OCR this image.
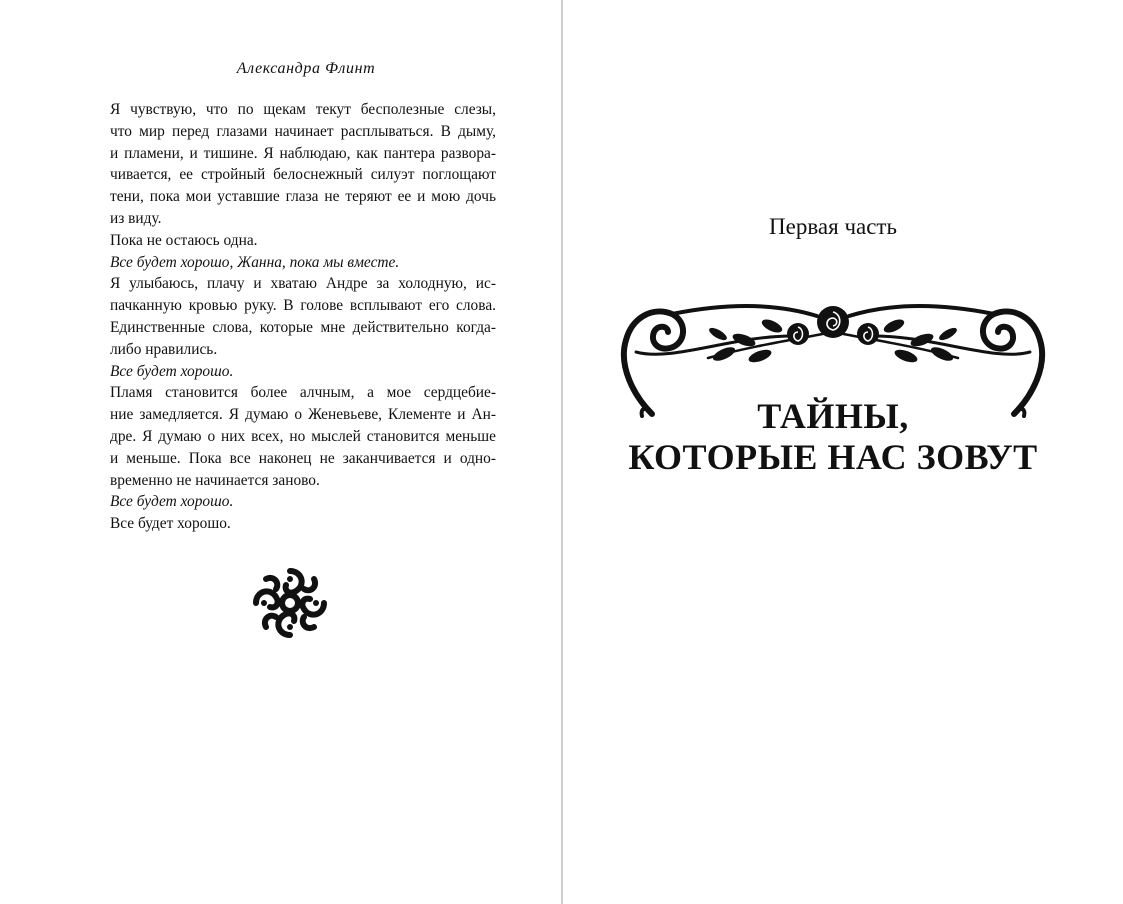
Александра Флинт
Я чувствую, что по щекам текут бесполезные слезы,
что мир перед глазами начинает расплываться. В дыму,
и пламени, и тишине. Я наблюдаю, как пантера развора-
чивается, ее стройный белоснежный силуэт поглощают
тени, пока мои уставшие глаза не теряют ее и мою дочь
из виду.
Пока не остаюсь одна.
Все будет хорошо, Жанна, пока мы вместе.
Я улыбаюсь, плачу и хватаю Андре за холодную, ис-
пачканную кровью руку. В голове всплывают его слова.
Единственные слова, которые мне действительно когда-
либо нравились.
Все будет хорошо.
Пламя становится более алчным, а мое сердцебие-
ние замедляется. Я думаю о Женевьеве, Клементе и Ан-
дре. Я думаю о них всех, но мыслей становится меньше
и меньше. Пока все наконец не заканчивается и одно-
временно не начинается заново.
Все будет хорошо.
Все будет хорошо.
Первая часть
ТАЙНЫ,
КОТОРЫЕ НАС ЗОВУТ
